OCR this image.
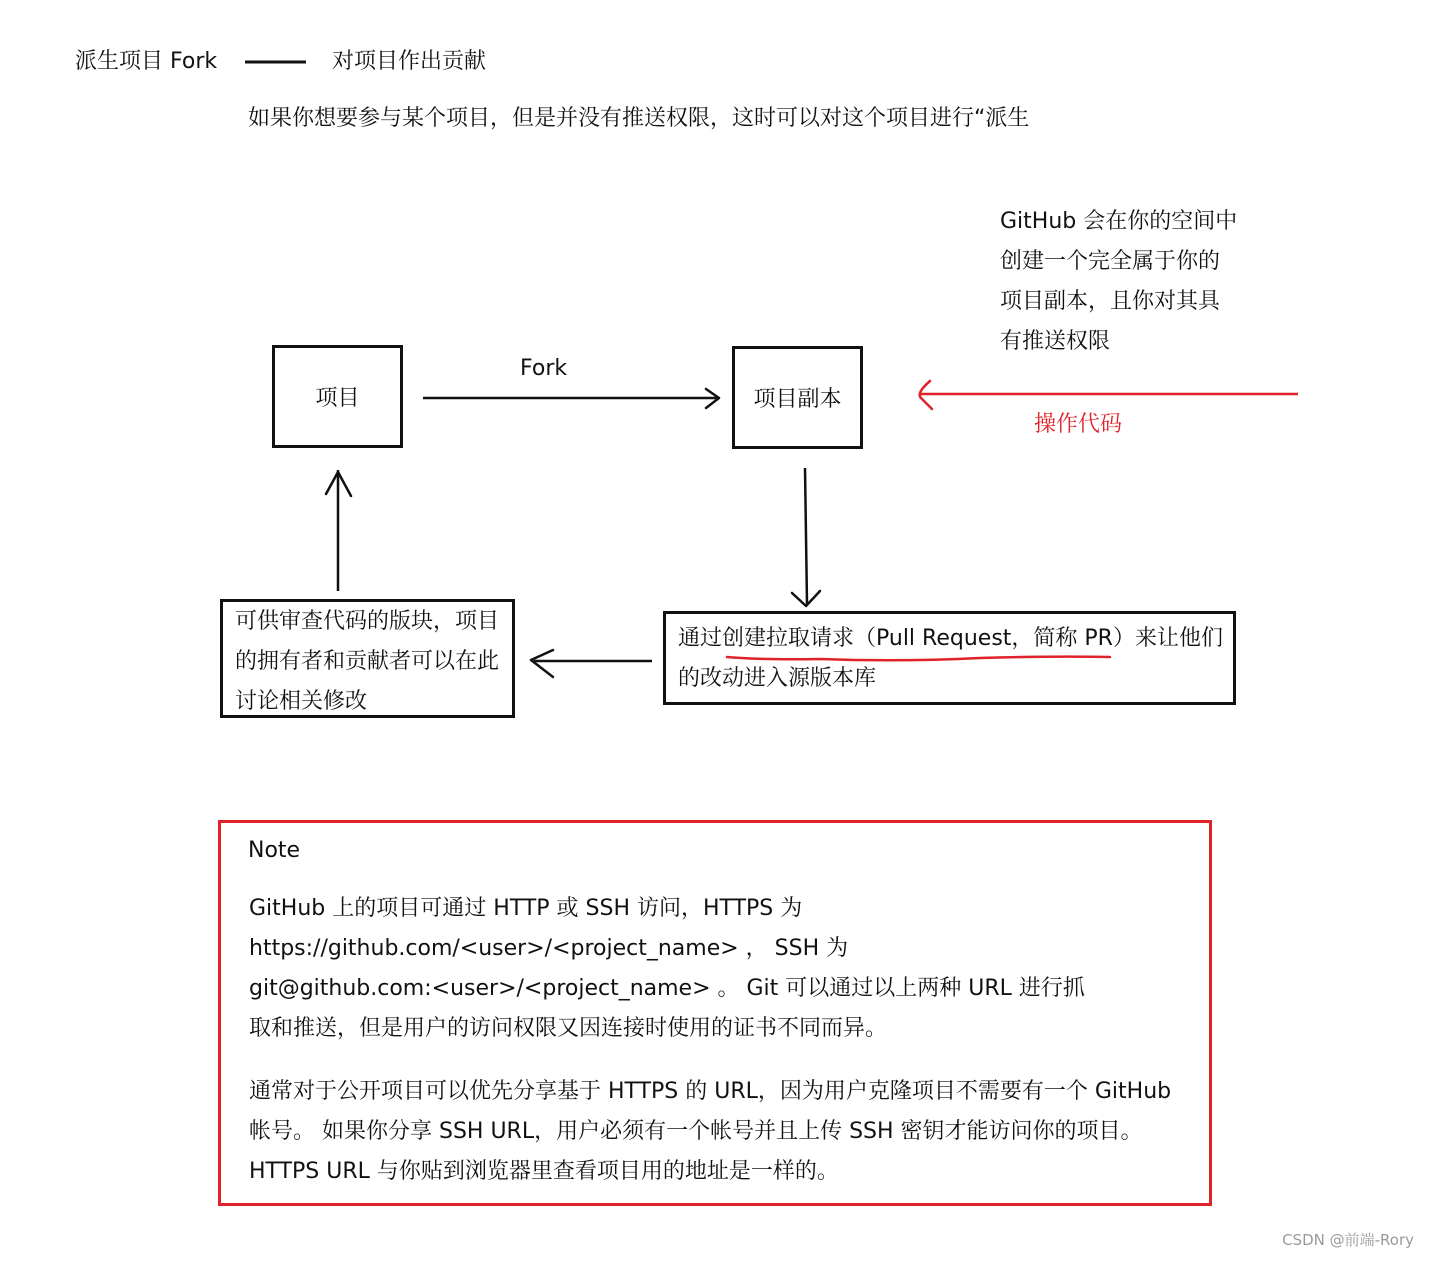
派生项目 Fork	对项目作出贡献
如果你想要参与某个项目，但是并没有推送权限，这时可以对这个项目进行“派生
GitHub 会在你的空间中
创建一个完全属于你的
项目副本，且你对其具
有推送权限
操作代码
项目
Fork
项目副本
通过创建拉取请求（Pull Request，简称 PR）来让他们
的改动进入源版本库
可供审查代码的版块，项目
的拥有者和贡献者可以在此
讨论相关修改
Note
GitHub 上的项目可通过 HTTP 或 SSH 访问，HTTPS 为
https://github.com/<user>/<project_name> ， SSH 为
git@github.com:<user>/<project_name> 。 Git 可以通过以上两种 URL 进行抓
取和推送，但是用户的访问权限又因连接时使用的证书不同而异。
通常对于公开项目可以优先分享基于 HTTPS 的 URL，因为用户克隆项目不需要有一个 GitHub
帐号。 如果你分享 SSH URL，用户必须有一个帐号并且上传 SSH 密钥才能访问你的项目。
HTTPS URL 与你贴到浏览器里查看项目用的地址是一样的。
CSDN @前端-Rory
